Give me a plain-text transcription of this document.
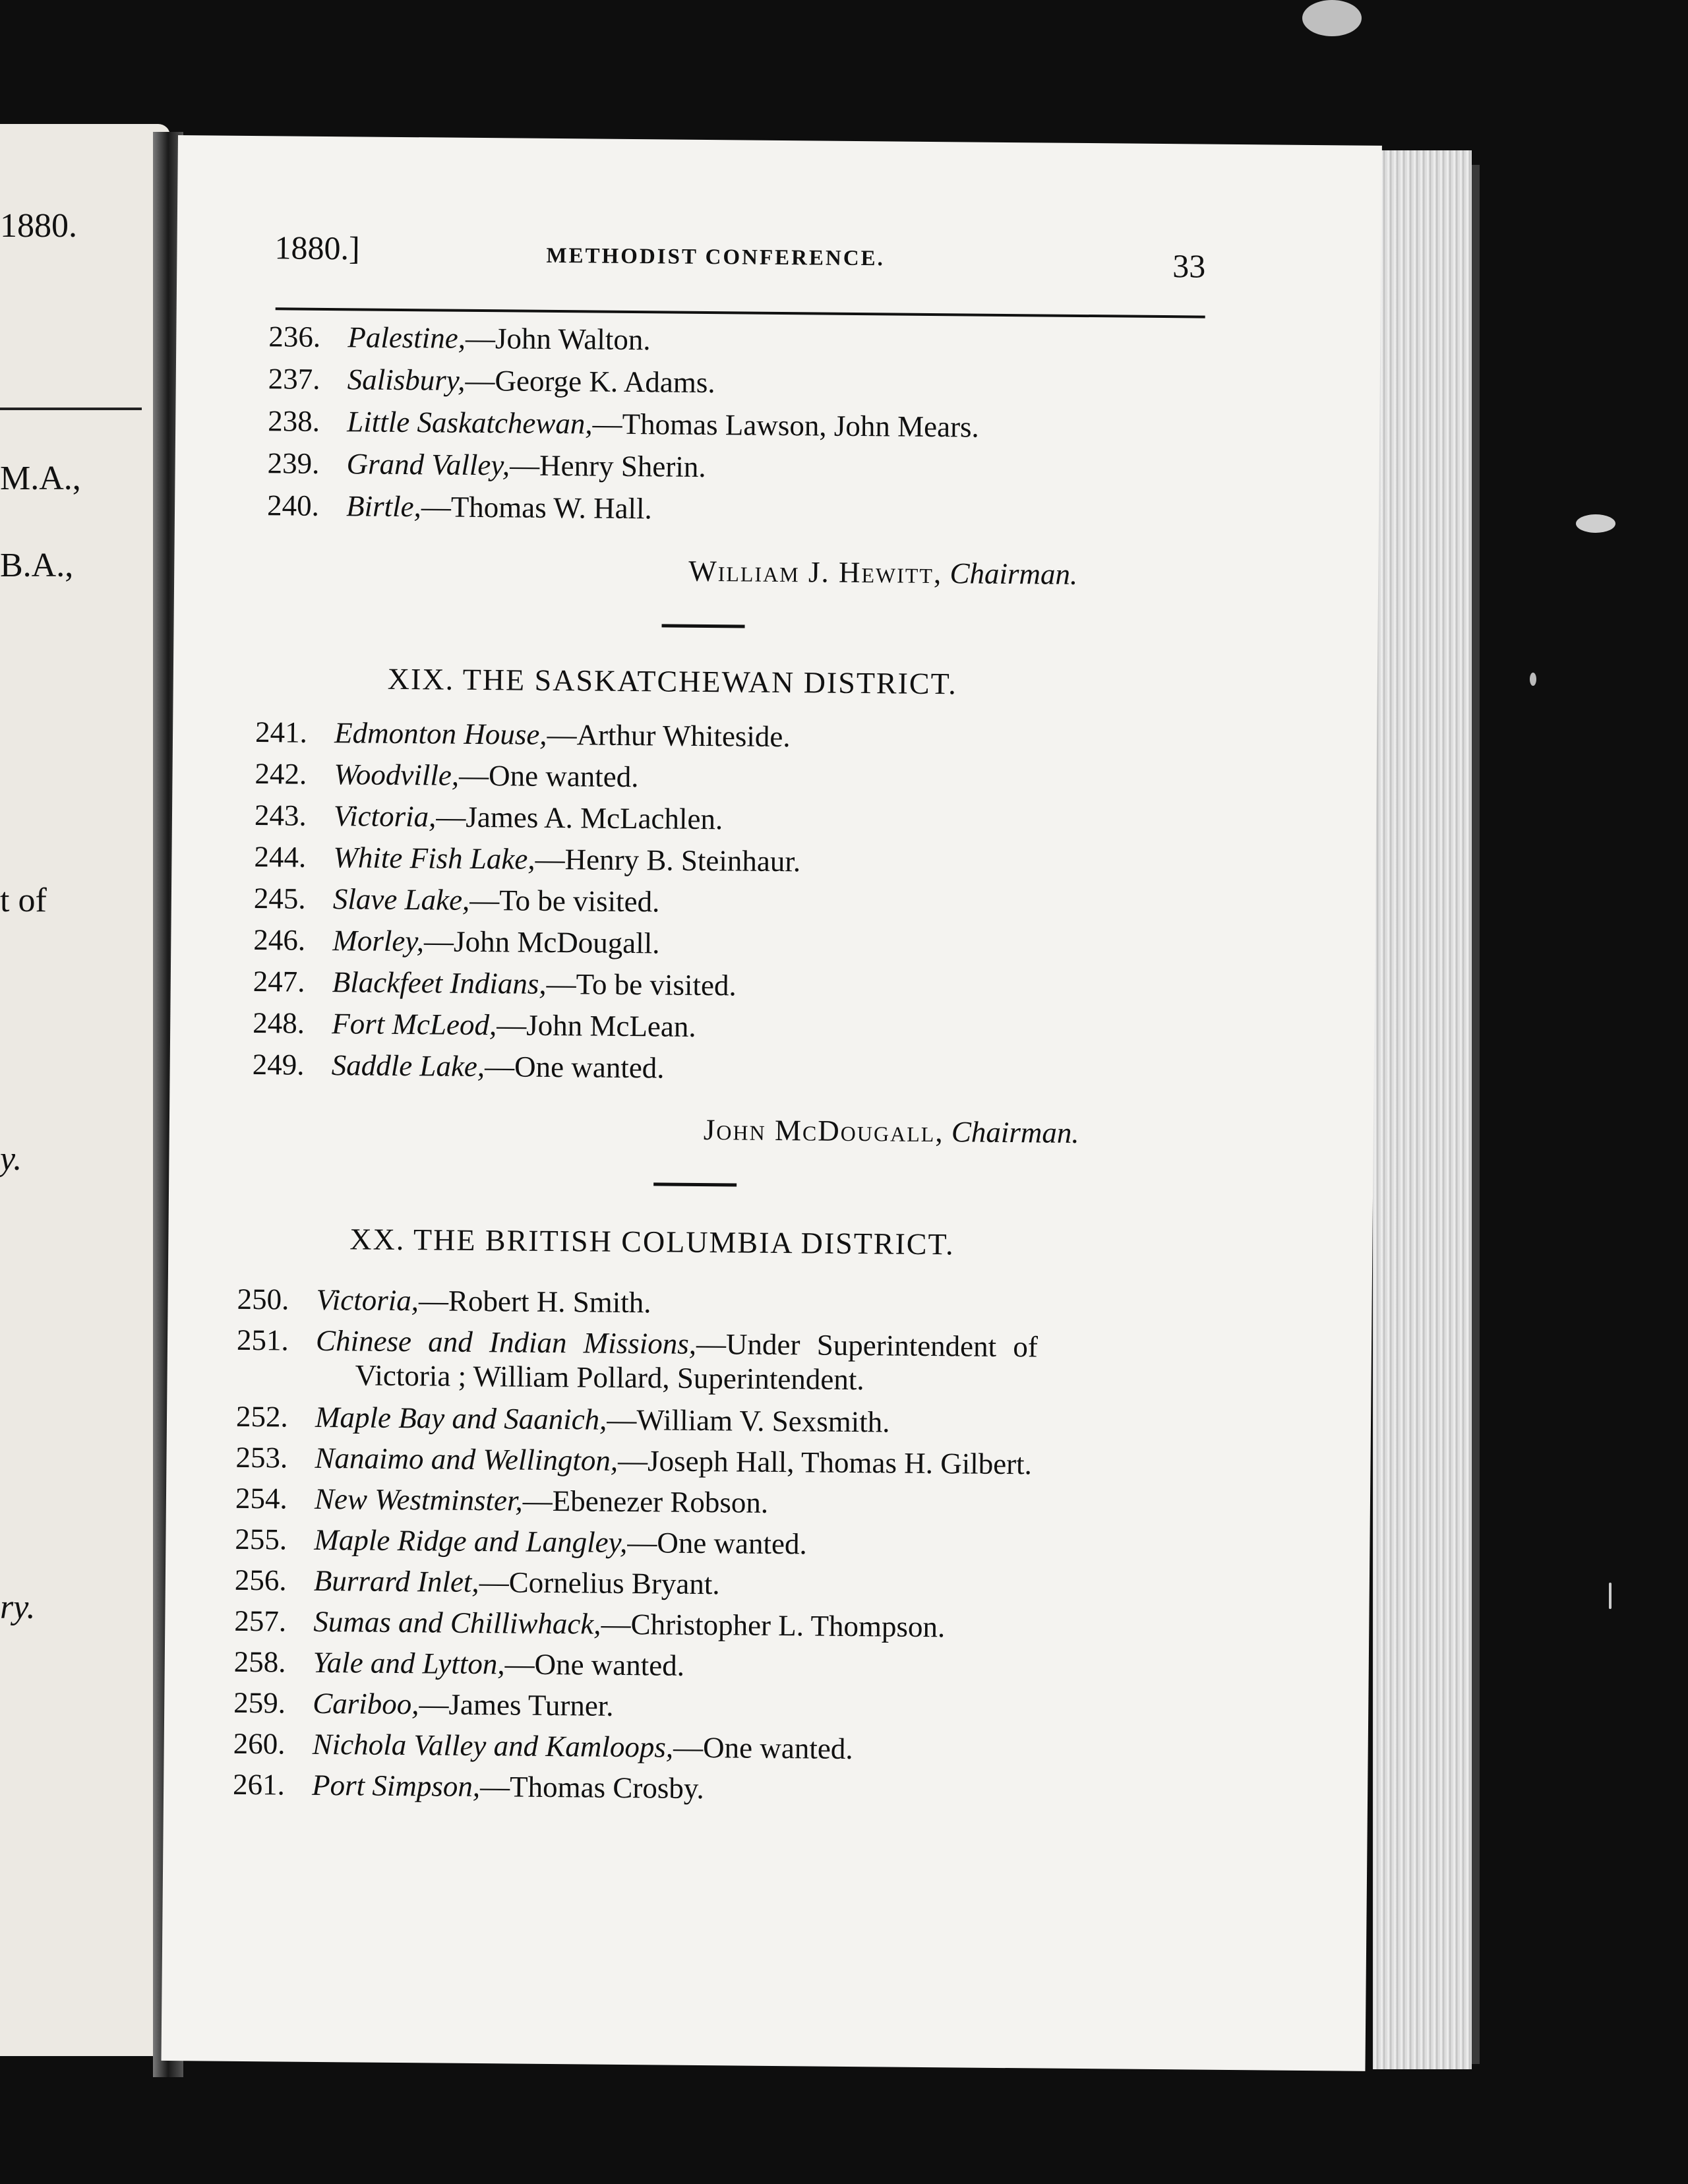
1880.
M.A.,
B.A.,
t of
y.
ry.
1880.]	METHODIST CONFERENCE.	33
236. Palestine,—John Walton.
237. Salisbury,—George K. Adams.
238. Little Saskatchewan,—Thomas Lawson, John Mears.
239. Grand Valley,—Henry Sherin.
240. Birtle,—Thomas W. Hall.
William J. Hewitt, Chairman.
XIX. THE SASKATCHEWAN DISTRICT.
241. Edmonton House,—Arthur Whiteside.
242. Woodville,—One wanted.
243. Victoria,—James A. McLachlen.
244. White Fish Lake,—Henry B. Steinhaur.
245. Slave Lake,—To be visited.
246. Morley,—John McDougall.
247. Blackfeet Indians,—To be visited.
248. Fort McLeod,—John McLean.
249. Saddle Lake,—One wanted.
John McDougall, Chairman.
XX. THE BRITISH COLUMBIA DISTRICT.
250. Victoria,—Robert H. Smith.
251. Chinese and Indian Missions,—Under Superintendent of
Victoria ; William Pollard, Superintendent.
252. Maple Bay and Saanich,—William V. Sexsmith.
253. Nanaimo and Wellington,—Joseph Hall, Thomas H. Gilbert.
254. New Westminster,—Ebenezer Robson.
255. Maple Ridge and Langley,—One wanted.
256. Burrard Inlet,—Cornelius Bryant.
257. Sumas and Chilliwhack,—Christopher L. Thompson.
258. Yale and Lytton,—One wanted.
259. Cariboo,—James Turner.
260. Nichola Valley and Kamloops,—One wanted.
261. Port Simpson,—Thomas Crosby.
